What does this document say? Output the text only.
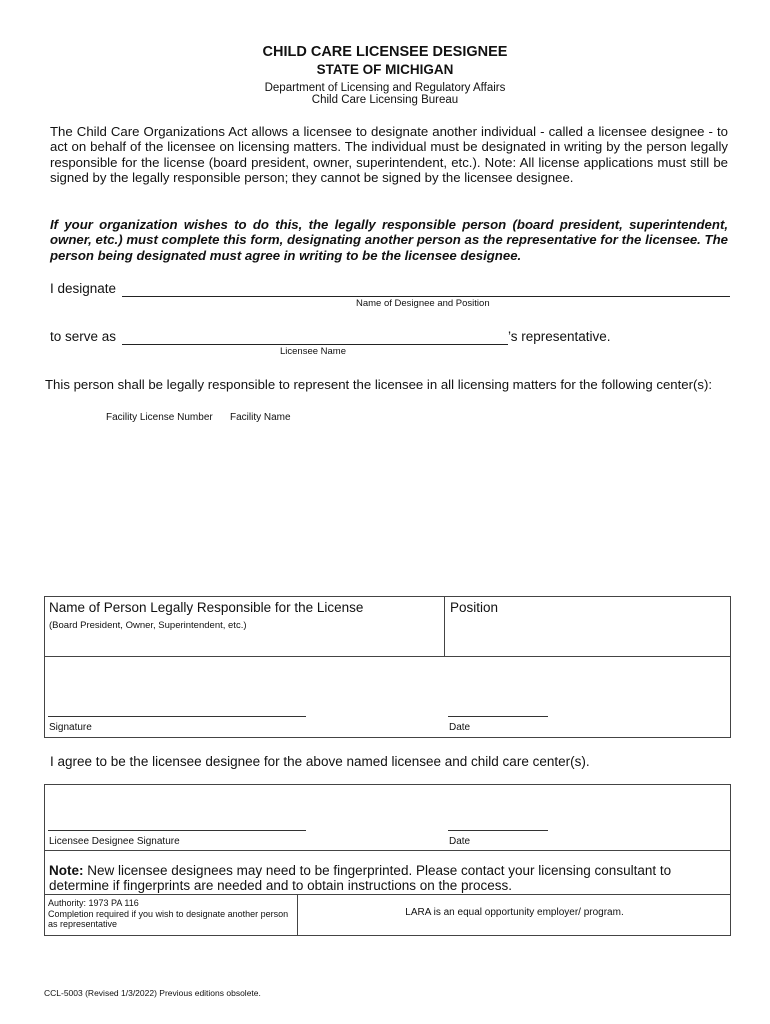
CHILD CARE LICENSEE DESIGNEE
STATE OF MICHIGAN
Department of Licensing and Regulatory Affairs
Child Care Licensing Bureau
The Child Care Organizations Act allows a licensee to designate another individual - called a licensee designee - to act on behalf of the licensee on licensing matters. The individual must be designated in writing by the person legally responsible for the license (board president, owner, superintendent, etc.). Note: All license applications must still be signed by the legally responsible person; they cannot be signed by the licensee designee.
If your organization wishes to do this, the legally responsible person (board president, superintendent, owner, etc.) must complete this form, designating another person as the representative for the licensee. The person being designated must agree in writing to be the licensee designee.
I designate
Name of Designee and Position
to serve as	’s representative.
Licensee Name
This person shall be legally responsible to represent the licensee in all licensing matters for the following center(s):
Facility License Number Facility Name
Name of Person Legally Responsible for the License
(Board President, Owner, Superintendent, etc.)
Position
Signature	Date
I agree to be the licensee designee for the above named licensee and child care center(s).
Licensee Designee Signature	Date
Note: New licensee designees may need to be fingerprinted. Please contact your licensing consultant to determine if fingerprints are needed and to obtain instructions on the process.
Authority: 1973 PA 116
Completion required if you wish to designate another person as representative
LARA is an equal opportunity employer/ program.
CCL-5003 (Revised 1/3/2022) Previous editions obsolete.
